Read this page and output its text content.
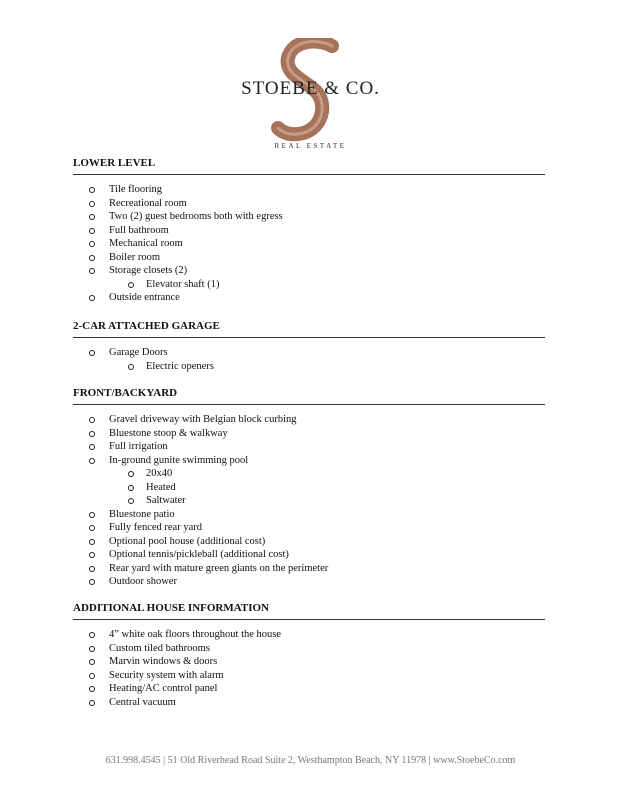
STOEBE & CO.
REAL ESTATE
LOWER LEVEL
Tile flooring
Recreational room
Two (2) guest bedrooms both with egress
Full bathroom
Mechanical room
Boiler room
Storage closets (2)
Elevator shaft (1)
Outside entrance
2-CAR ATTACHED GARAGE
Garage Doors
Electric openers
FRONT/BACKYARD
Gravel driveway with Belgian block curbing
Bluestone stoop & walkway
Full irrigation
In-ground gunite swimming pool
20x40
Heated
Saltwater
Bluestone patio
Fully fenced rear yard
Optional pool house (additional cost)
Optional tennis/pickleball (additional cost)
Rear yard with mature green giants on the perimeter
Outdoor shower
ADDITIONAL HOUSE INFORMATION
4” white oak floors throughout the house
Custom tiled bathrooms
Marvin windows & doors
Security system with alarm
Heating/AC control panel
Central vacuum
631.998.4545 | 51 Old Riverhead Road Suite 2, Westhampton Beach, NY 11978 | www.StoebeCo.com
